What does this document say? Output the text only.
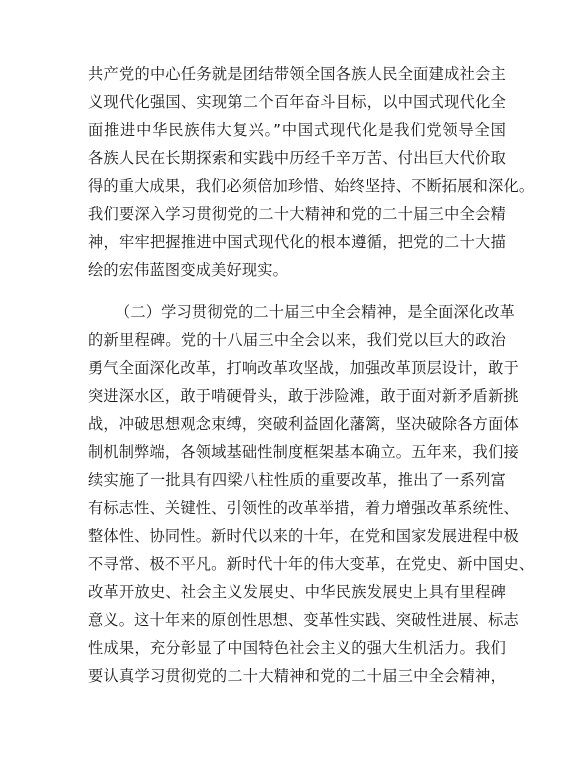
共产党的中心任务就是团结带领全国各族人民全面建成社会主
义现代化强国、实现第二个百年奋斗目标，以中国式现代化全
面推进中华民族伟大复兴。”中国式现代化是我们党领导全国
各族人民在长期探索和实践中历经千辛万苦、付出巨大代价取
得的重大成果，我们必须倍加珍惜、始终坚持、不断拓展和深化。
我们要深入学习贯彻党的二十大精神和党的二十届三中全会精
神，牢牢把握推进中国式现代化的根本遵循，把党的二十大描
绘的宏伟蓝图变成美好现实。
（二）学习贯彻党的二十届三中全会精神，是全面深化改革
的新里程碑。党的十八届三中全会以来，我们党以巨大的政治
勇气全面深化改革，打响改革攻坚战，加强改革顶层设计，敢于
突进深水区，敢于啃硬骨头，敢于涉险滩，敢于面对新矛盾新挑
战，冲破思想观念束缚，突破利益固化藩篱，坚决破除各方面体
制机制弊端，各领域基础性制度框架基本确立。五年来，我们接
续实施了一批具有四梁八柱性质的重要改革，推出了一系列富
有标志性、关键性、引领性的改革举措，着力增强改革系统性、
整体性、协同性。新时代以来的十年，在党和国家发展进程中极
不寻常、极不平凡。新时代十年的伟大变革，在党史、新中国史、
改革开放史、社会主义发展史、中华民族发展史上具有里程碑
意义。这十年来的原创性思想、变革性实践、突破性进展、标志
性成果，充分彰显了中国特色社会主义的强大生机活力。我们
要认真学习贯彻党的二十大精神和党的二十届三中全会精神，
